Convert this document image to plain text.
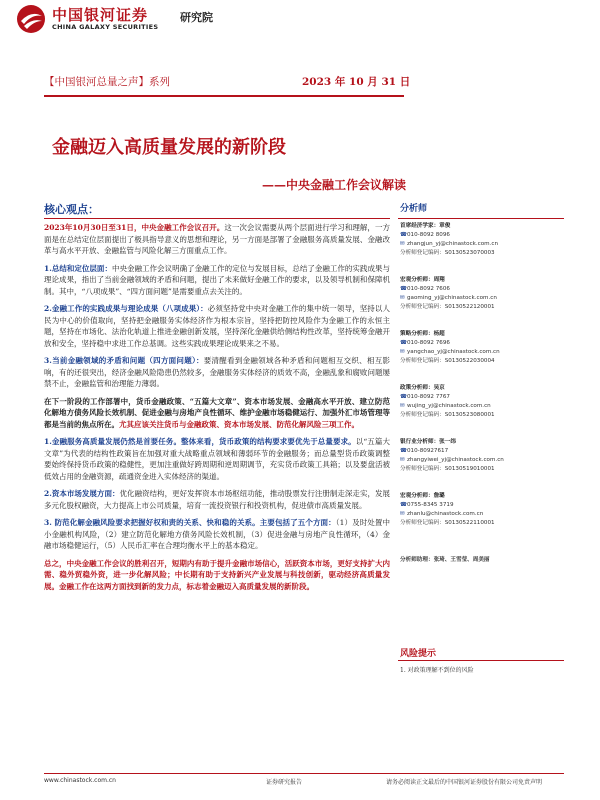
中国银河证券
CHINA GALAXY SECURITIES
研究院
【中国银河总量之声】系列	2023 年 10 月 31 日
金融迈入高质量发展的新阶段
——中央金融工作会议解读
核心观点：	分析师

2023年10月30日至31日，中央金融工作会议召开。这一次会议需要从两个层面进行学习和理解，一方面是在总结定位层面提出了极具指导意义的思想和理论，另一方面是部署了金融服务高质量发展、金融改革与高水平开放、金融监管与风险化解三方面重点工作。

1.总结和定位层面：中央金融工作会议明确了金融工作的定位与发展目标，总结了金融工作的实践成果与理论成果，指出了当前金融领域的矛盾和问题，提出了未来做好金融工作的要求，以及领导机制和保障机制。其中，“八项成果”、“四方面问题”是需要重点去关注的。

2.金融工作的实践成果与理论成果（八项成果）：必须坚持党中央对金融工作的集中统一领导，坚持以人民为中心的价值取向，坚持把金融服务实体经济作为根本宗旨，坚持把防控风险作为金融工作的永恒主题，坚持在市场化、法治化轨道上推进金融创新发展，坚持深化金融供给侧结构性改革，坚持统筹金融开放和安全，坚持稳中求进工作总基调。这些实践成果理论成果来之不易。

3.当前金融领域的矛盾和问题（四方面问题）：要清醒看到金融领域各种矛盾和问题相互交织、相互影响，有的还很突出，经济金融风险隐患仍然较多，金融服务实体经济的质效不高，金融乱象和腐败问题屡禁不止，金融监管和治理能力薄弱。

在下一阶段的工作部署中，货币金融政策、“五篇大文章”、资本市场发展、金融高水平开放、建立防范化解地方债务风险长效机制、促进金融与房地产良性循环、维护金融市场稳健运行、加强外汇市场管理等都是当前的焦点所在。尤其应该关注货币与金融政策、资本市场发展、防范化解风险三项工作。

1.金融服务高质量发展仍然是首要任务。整体来看，货币政策的结构要求要优先于总量要求。以“五篇大文章”为代表的结构性政策旨在加强对重大战略重点领域和薄弱环节的金融服务；而总量型货币政策调整要始终保持货币政策的稳健性，更加注重做好跨周期和逆周期调节，充实货币政策工具箱；以及要盘活被低效占用的金融资源，疏通资金进入实体经济的渠道。

2.资本市场发展方面：优化融资结构，更好发挥资本市场枢纽功能，推动股票发行注册制走深走实，发展多元化股权融资，大力提高上市公司质量，培育一流投资银行和投资机构，促进债市高质量发展。

3. 防范化解金融风险要求把握好权和责的关系、快和稳的关系。主要包括了五个方面：（1）及时处置中小金融机构风险，（2）建立防范化解地方债务风险长效机制，（3）促进金融与房地产良性循环，（4）金融市场稳健运行，（5）人民币汇率在合理均衡水平上的基本稳定。

总之，中央金融工作会议的胜利召开，短期内有助于提升金融市场信心，活跃资本市场，更好支持扩大内需、稳外贸稳外资，进一步化解风险；中长期有助于支持新兴产业发展与科技创新，驱动经济高质量发展。金融工作在这两方面找到新的发力点，标志着金融迈入高质量发展的新阶段。

首席经济学家：章俊
☎010-8092 8096
✉ zhangjun_yj@chinastock.com.cn
分析师登记编码：S0130523070003
宏观分析师：周翔
☎010-8092 7606
✉ gaoming_yj@chinastock.com.cn
分析师登记编码：S0130522120001
策略分析师：杨超
☎010-8092 7696
✉ yangchao_yj@chinastock.com.cn
分析师登记编码：S0130522030004
政策分析师：吴京
☎010-8092 7767
✉ wujing_yj@chinastock.com.cn
分析师登记编码：S0130523080001
银行业分析师：张一纬
☎010-80927617
✉ zhangyiwei_yj@chinastock.com.cn
分析师登记编码：S0130519010001
宏观分析师：詹璐
☎0755-8345 3719
✉ zhanlu@chinastock.com.cn
分析师登记编码：S0130522110001
分析师助理：张琦、王雪莹、周美丽
风险提示
1. 对政策理解不到位的风险
www.chinastock.com.cn	证券研究报告	请务必阅读正文最后的中国银河证券股份有限公司免责声明
